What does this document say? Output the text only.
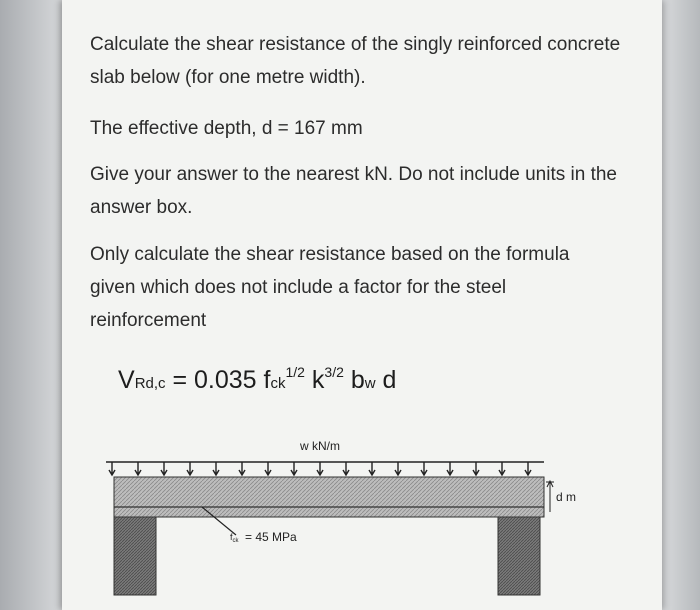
Calculate the shear resistance of the singly reinforced concrete slab below (for one metre width).
The effective depth, d = 167 mm
Give your answer to the nearest kN. Do not include units in the answer box.
Only calculate the shear resistance based on the formula given which does not include a factor for the steel reinforcement
VRd,c = 0.035 fck$^{1/2}$ $k^{3/2}$ bw d
w kN/m
d m
$f_{ck} = 45$ MPa
